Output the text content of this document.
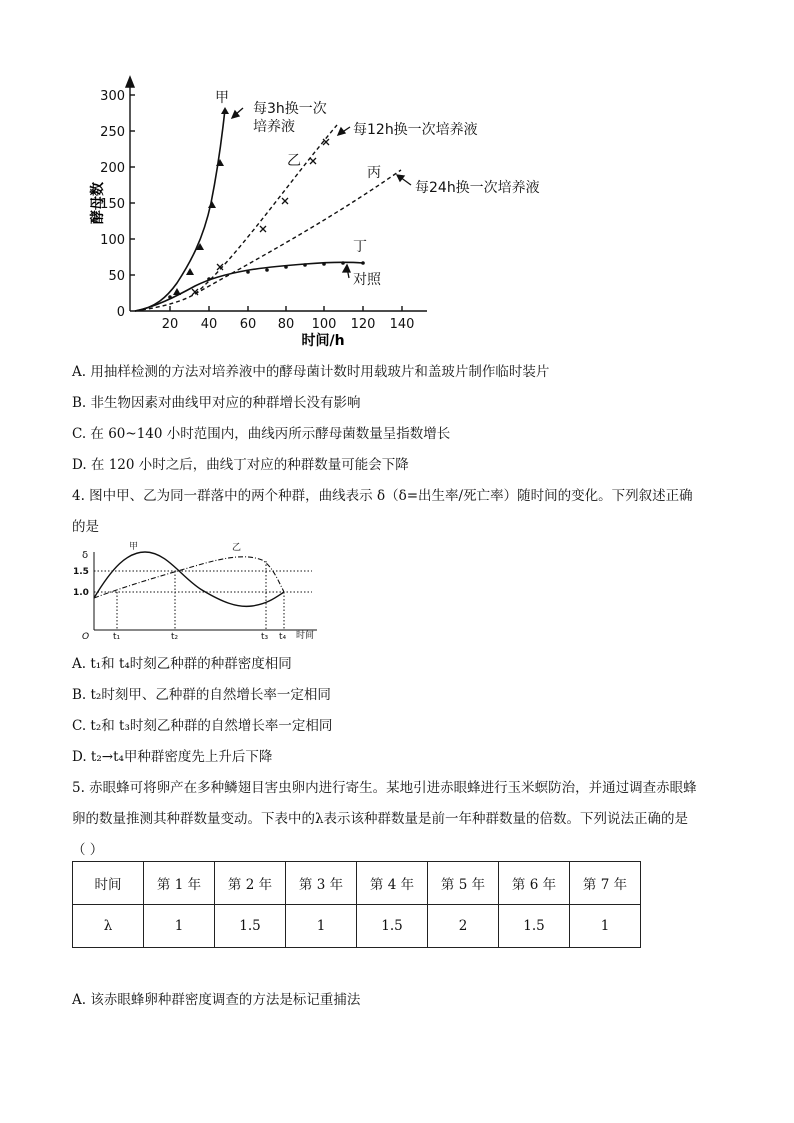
300
250
200
150
100
50
0
20 40 60 80 100 120 140
时间/h
酵母数
甲
每3h换一次
培养液
乙
每12h换一次培养液
丙
每24h换一次培养液
丁
对照
A. 用抽样检测的方法对培养液中的酵母菌计数时用载玻片和盖玻片制作临时装片
B. 非生物因素对曲线甲对应的种群增长没有影响
C. 在 60~140 小时范围内，曲线丙所示酵母菌数量呈指数增长
D. 在 120 小时之后，曲线丁对应的种群数量可能会下降
4. 图中甲、乙为同一群落中的两个种群，曲线表示 δ（δ=出生率/死亡率）随时间的变化。下列叙述正确
的是
δ
甲	乙
1.5
1.0
O	t₁	t₂	t₃ t₄ 时间
A. t₁和 t₄时刻乙种群的种群密度相同
B. t₂时刻甲、乙种群的自然增长率一定相同
C. t₂和 t₃时刻乙种群的自然增长率一定相同
D. t₂→t₄甲种群密度先上升后下降
5. 赤眼蜂可将卵产在多种鳞翅目害虫卵内进行寄生。某地引进赤眼蜂进行玉米螟防治，并通过调查赤眼蜂
卵的数量推测其种群数量变动。下表中的λ表示该种群数量是前一年种群数量的倍数。下列说法正确的是
（ ）
时间	第 1 年	第 2 年	第 3 年	第 4 年	第 5 年	第 6 年	第 7 年
λ	1	1.5	1	1.5	2	1.5	1
A. 该赤眼蜂卵种群密度调查的方法是标记重捕法
